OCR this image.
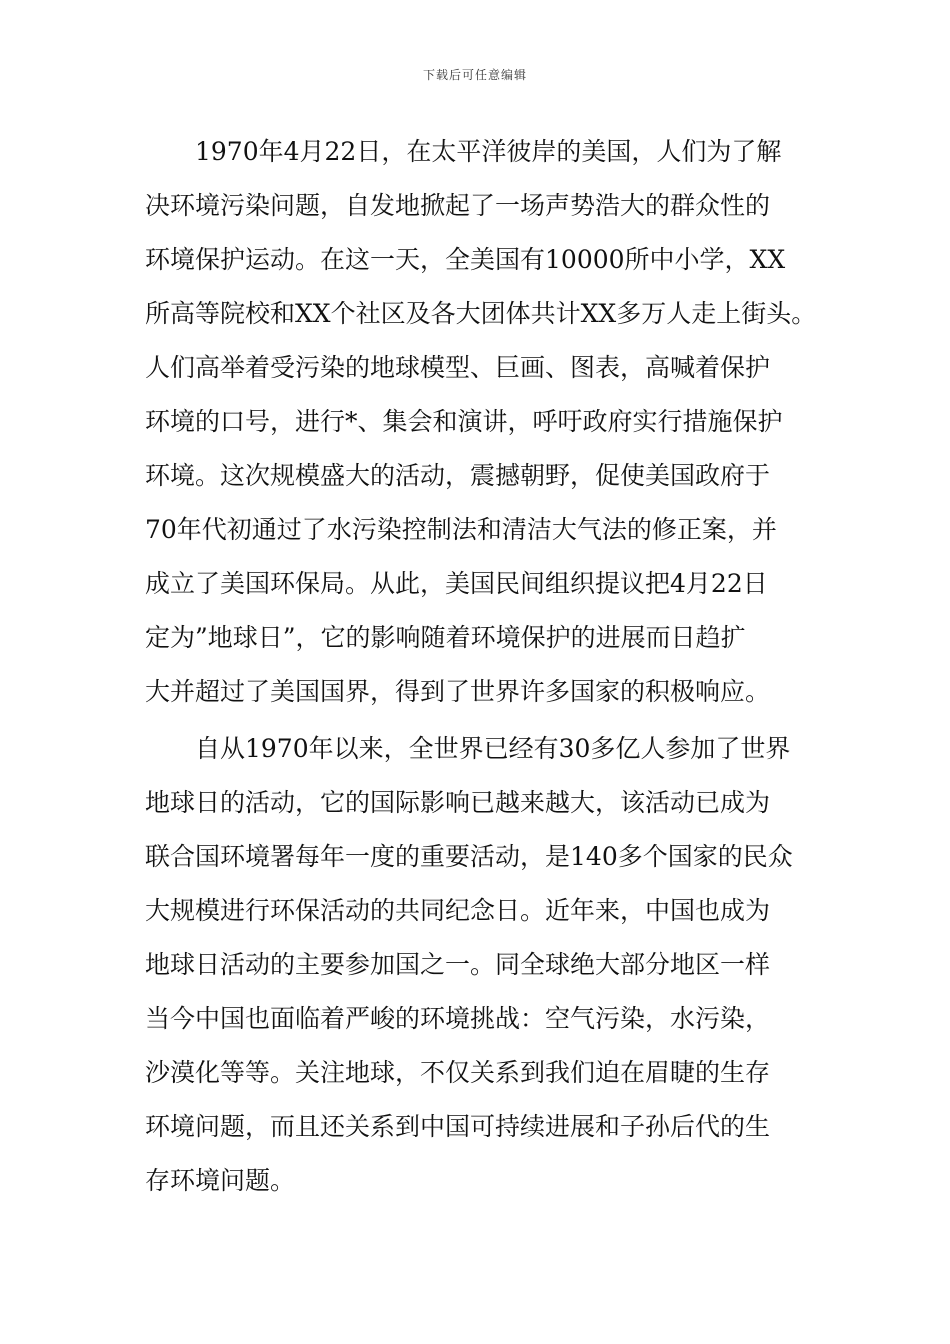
下载后可任意编辑
　　1970年4月22日，在太平洋彼岸的美国，人们为了解
决环境污染问题，自发地掀起了一场声势浩大的群众性的
环境保护运动。在这一天，全美国有10000所中小学，XX
所高等院校和XX个社区及各大团体共计XX多万人走上街头。
人们高举着受污染的地球模型、巨画、图表，高喊着保护
环境的口号，进行*、集会和演讲，呼吁政府实行措施保护
环境。这次规模盛大的活动，震撼朝野，促使美国政府于
70年代初通过了水污染控制法和清洁大气法的修正案，并
成立了美国环保局。从此，美国民间组织提议把4月22日
定为”地球日”，它的影响随着环境保护的进展而日趋扩
大并超过了美国国界，得到了世界许多国家的积极响应。
　　自从1970年以来，全世界已经有30多亿人参加了世界
地球日的活动，它的国际影响已越来越大，该活动已成为
联合国环境署每年一度的重要活动，是140多个国家的民众
大规模进行环保活动的共同纪念日。近年来，中国也成为
地球日活动的主要参加国之一。同全球绝大部分地区一样
当今中国也面临着严峻的环境挑战：空气污染，水污染，
沙漠化等等。关注地球，不仅关系到我们迫在眉睫的生存
环境问题，而且还关系到中国可持续进展和子孙后代的生
存环境问题。
